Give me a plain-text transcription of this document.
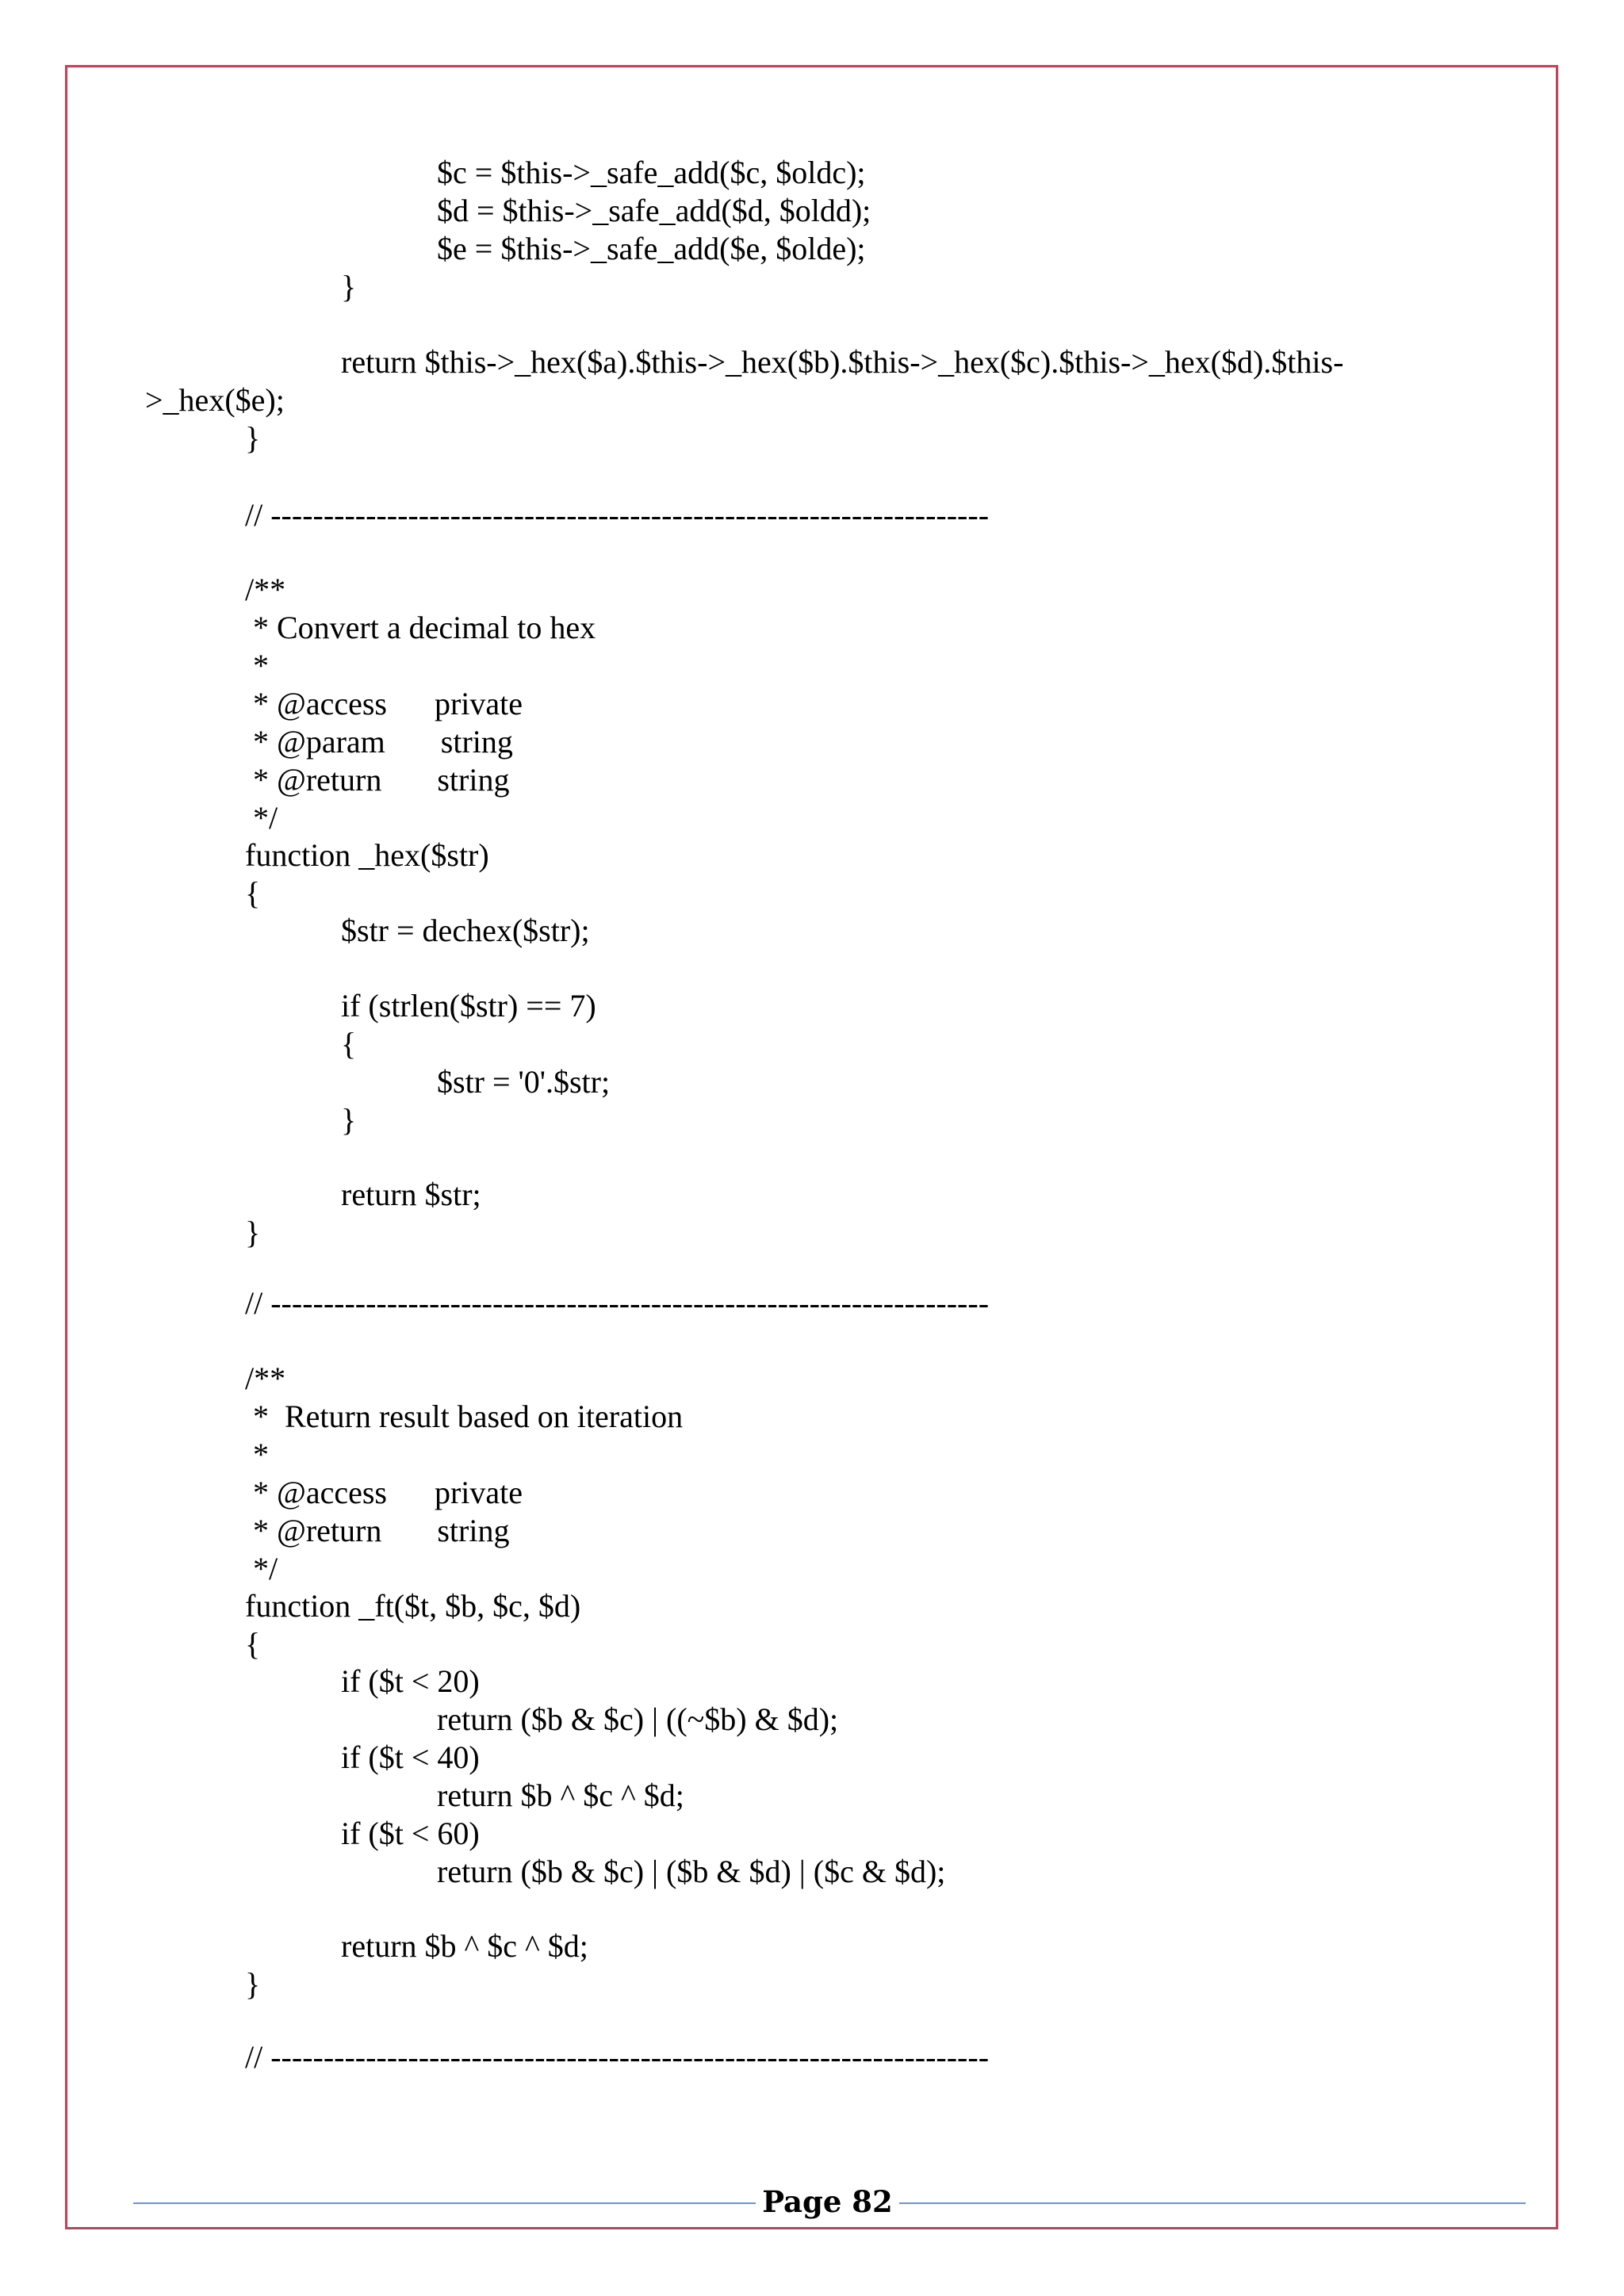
$c = $this->_safe_add($c, $oldc);
$d = $this->_safe_add($d, $oldd);
$e = $this->_safe_add($e, $olde);
}
return $this->_hex($a).$this->_hex($b).$this->_hex($c).$this->_hex($d).$this-
>_hex($e);
}
// --------------------------------------------------------------------
/**
* Convert a decimal to hex
*
* @access      private
* @param       string
* @return       string
*/
function _hex($str)
{
$str = dechex($str);
if (strlen($str) == 7)
{
$str = '0'.$str;
}
return $str;
}
// --------------------------------------------------------------------
/**
*  Return result based on iteration
*
* @access      private
* @return       string
*/
function _ft($t, $b, $c, $d)
{
if ($t < 20)
return ($b & $c) | ((~$b) & $d);
if ($t < 40)
return $b ^ $c ^ $d;
if ($t < 60)
return ($b & $c) | ($b & $d) | ($c & $d);
return $b ^ $c ^ $d;
}
// --------------------------------------------------------------------
Page 82
